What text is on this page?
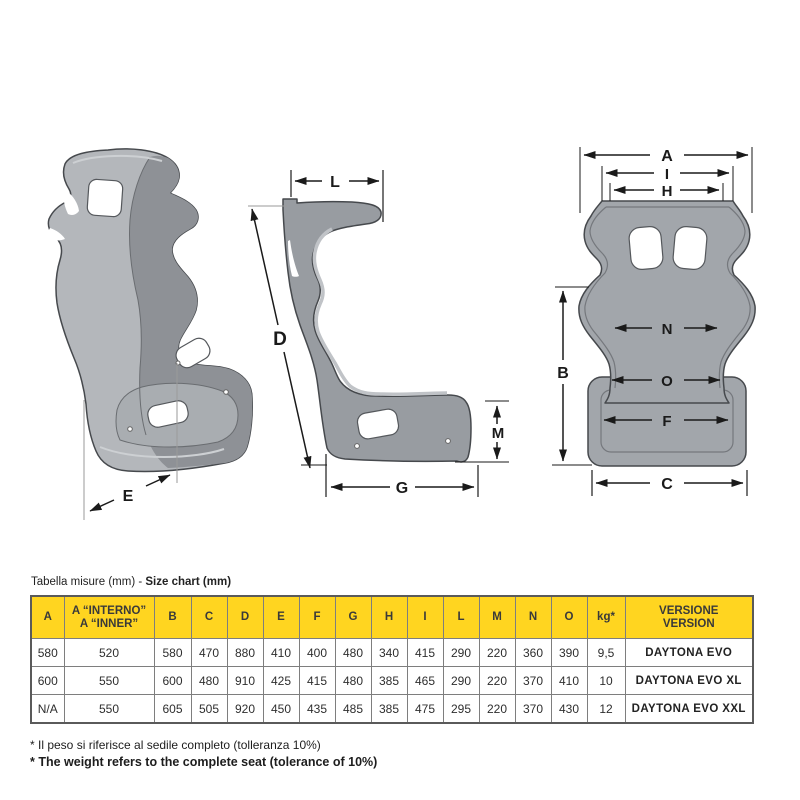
E
L
D
M
G
A
I
H
B
N
O
F
C

Tabella misure (mm) - Size chart (mm)

A	A “INTERNO”
A “INNER”	B	C	D	E	F	G	H	I	L	M	N	O	kg*	VERSIONE
VERSION

580	520	580	470	880	410	400	480	340	415	290	220	360	390	9,5	DAYTONA EVO
600	550	600	480	910	425	415	480	385	465	290	220	370	410	10	DAYTONA EVO XL
N/A	550	605	505	920	450	435	485	385	475	295	220	370	430	12	DAYTONA EVO XXL

* Il peso si riferisce al sedile completo (tolleranza 10%)

* The weight refers to the complete seat (tolerance of 10%)
